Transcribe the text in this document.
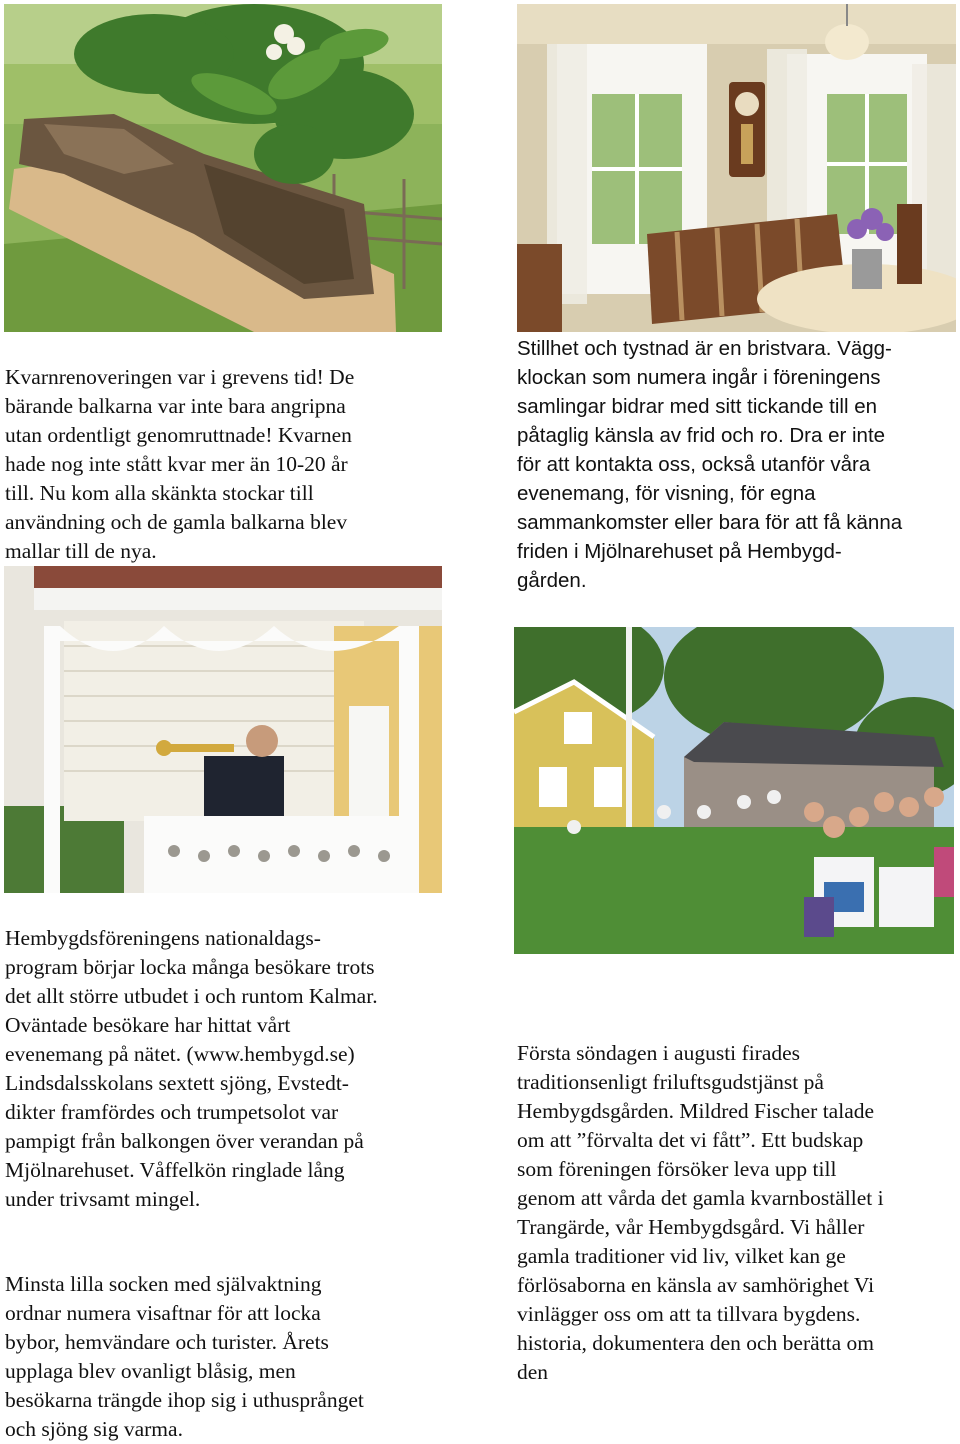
Kvarnrenoveringen var i grevens tid! De
bärande balkarna var inte bara angripna
utan ordentligt genomruttnade! Kvarnen
hade nog inte stått kvar mer än 10-20 år
till. Nu kom alla skänkta stockar till
användning och de gamla balkarna blev
mallar till de nya.
Stillhet och tystnad är en bristvara. Vägg-
klockan som numera ingår i föreningens
samlingar bidrar med sitt tickande till en
påtaglig känsla av frid och ro. Dra er inte
för att kontakta oss, också utanför våra
evenemang, för visning, för egna
sammankomster eller bara för att få känna
friden i Mjölnarehuset på Hembygd-
gården.
Hembygdsföreningens nationaldags-
program börjar locka många besökare trots
det allt större utbudet i och runtom Kalmar.
Oväntade besökare har hittat vårt
evenemang på nätet. (www.hembygd.se)
Lindsdalsskolans sextett sjöng, Evstedt-
dikter framfördes och trumpetsolot var
pampigt från balkongen över verandan på
Mjölnarehuset. Våffelkön ringlade lång
under trivsamt mingel.
Minsta lilla socken med självaktning
ordnar numera visaftnar för att locka
bybor, hemvändare och turister. Årets
upplaga blev ovanligt blåsig, men
besökarna trängde ihop sig i uthusprånget
och sjöng sig varma.
Första söndagen i augusti firades
traditionsenligt friluftsgudstjänst på
Hembygdsgården. Mildred Fischer talade
om att ”förvalta det vi fått”. Ett budskap
som föreningen försöker leva upp till
genom att vårda det gamla kvarnbostället i
Trangärde, vår Hembygdsgård. Vi håller
gamla traditioner vid liv, vilket kan ge
förlösaborna en känsla av samhörighet Vi
vinlägger oss om att ta tillvara bygdens.
historia, dokumentera den och berätta om
den
